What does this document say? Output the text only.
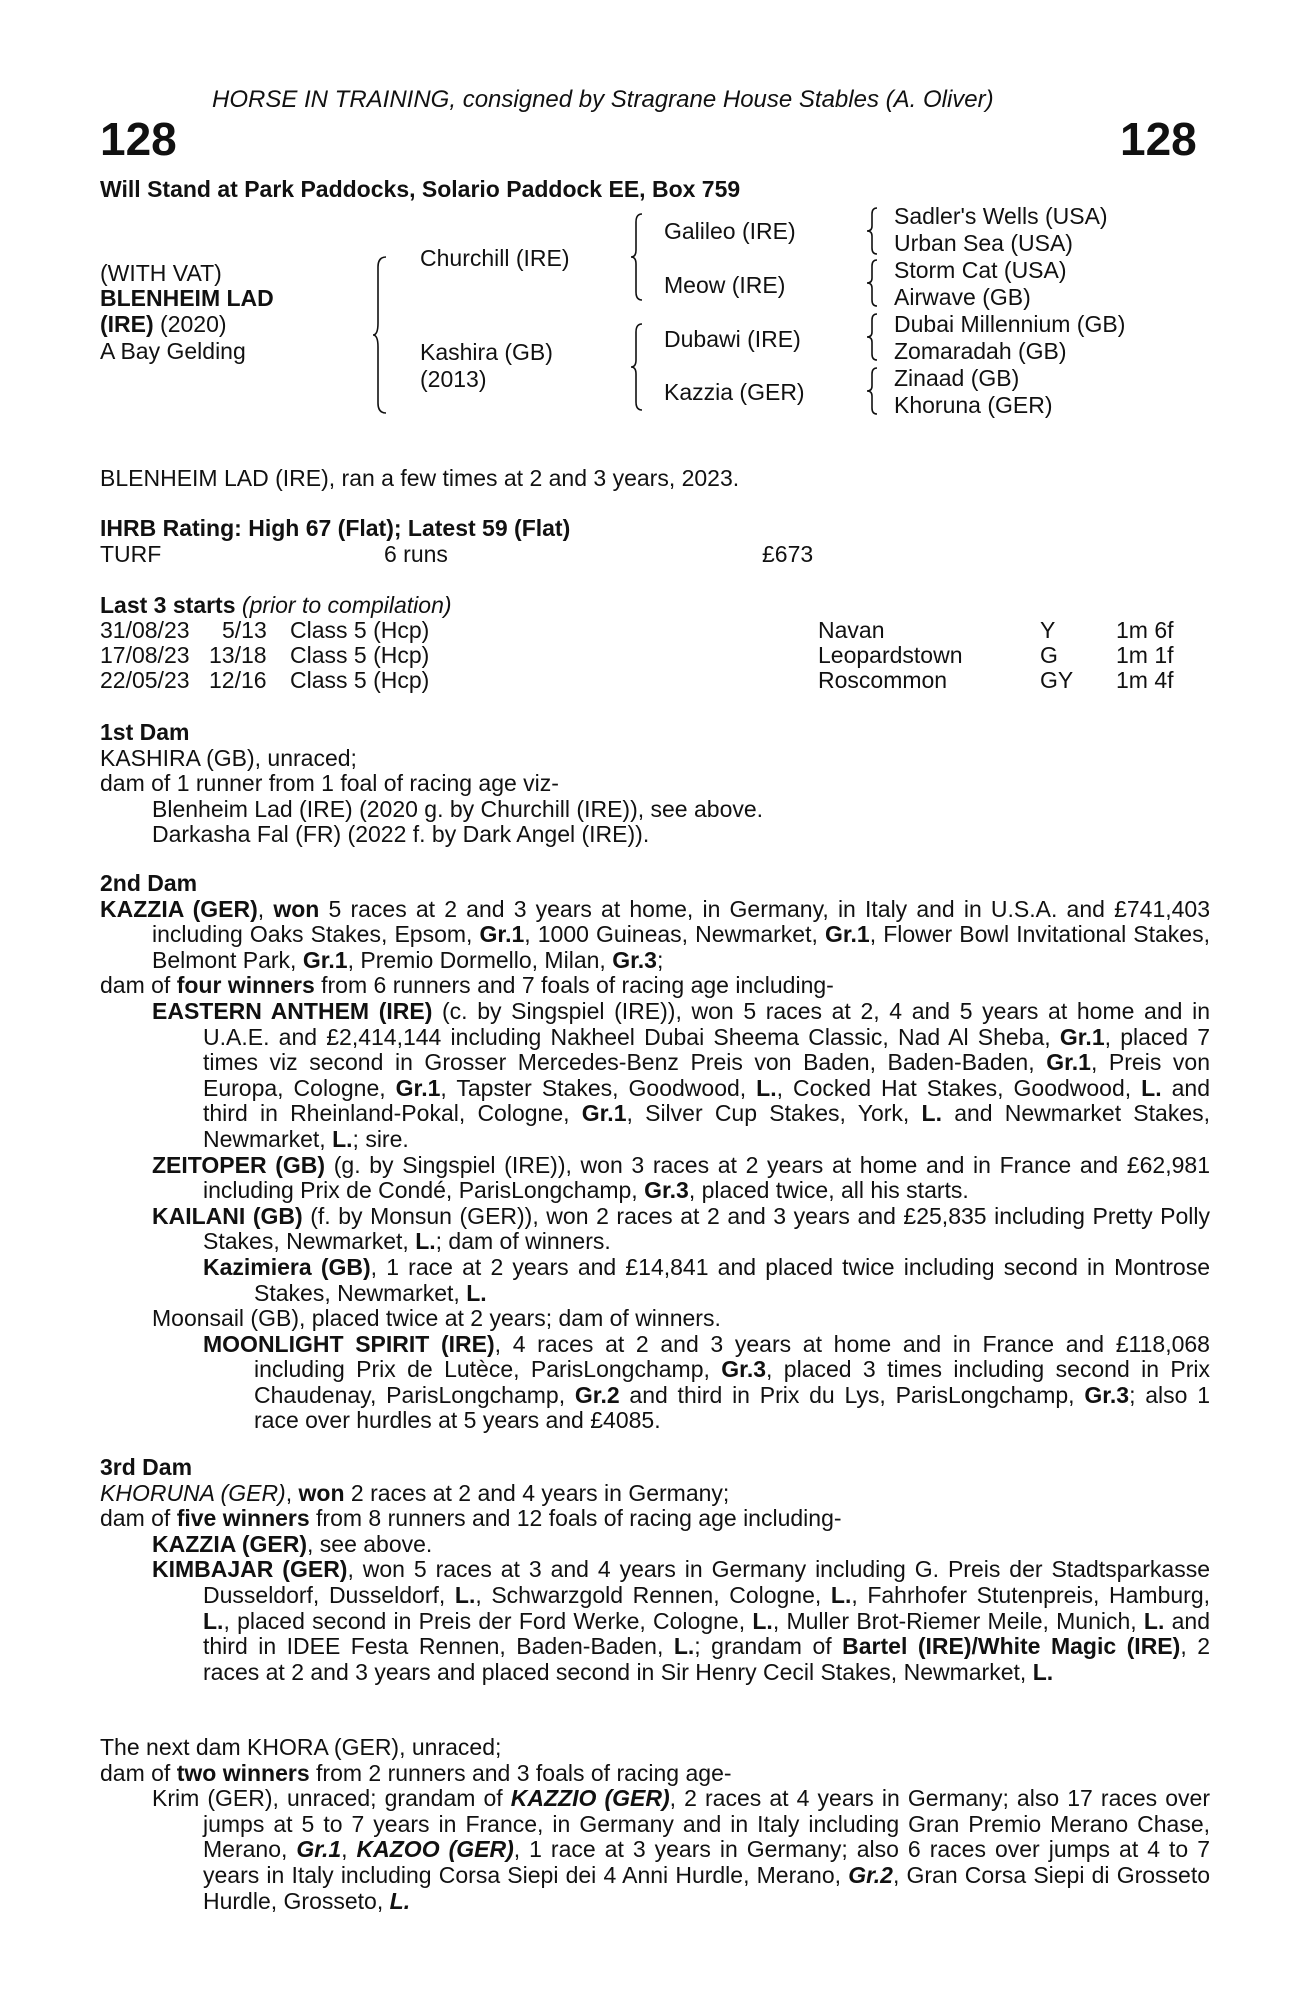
HORSE IN TRAINING, consigned by Stragrane House Stables (A. Oliver)
128	128
Will Stand at Park Paddocks, Solario Paddock EE, Box 759
(WITH VAT)
BLENHEIM LAD
(IRE) (2020)
A Bay Gelding
Churchill (IRE)
Kashira (GB)
(2013)
Galileo (IRE)
Meow (IRE)
Dubawi (IRE)
Kazzia (GER)
Sadler's Wells (USA)
Urban Sea (USA)
Storm Cat (USA)
Airwave (GB)
Dubai Millennium (GB)
Zomaradah (GB)
Zinaad (GB)
Khoruna (GER)
BLENHEIM LAD (IRE), ran a few times at 2 and 3 years, 2023.
IHRB Rating: High 67 (Flat); Latest 59 (Flat)
TURF	6 runs	£673
Last 3 starts (prior to compilation)
31/08/23 5/13 Class 5 (Hcp)	Navan	Y	1m 6f
17/08/23 13/18 Class 5 (Hcp)	Leopardstown	G	1m 1f
22/05/23 12/16 Class 5 (Hcp)	Roscommon	GY 1m 4f

1st Dam

KASHIRA (GB), unraced;

dam of 1 runner from 1 foal of racing age viz-

Blenheim Lad (IRE) (2020 g. by Churchill (IRE)), see above.

Darkasha Fal (FR) (2022 f. by Dark Angel (IRE)).

2nd Dam

KAZZIA (GER), won 5 races at 2 and 3 years at home, in Germany, in Italy and in U.S.A. and £741,403 including Oaks Stakes, Epsom, Gr.1, 1000 Guineas, Newmarket, Gr.1, Flower Bowl Invitational Stakes, Belmont Park, Gr.1, Premio Dormello, Milan, Gr.3;

dam of four winners from 6 runners and 7 foals of racing age including-

EASTERN ANTHEM (IRE) (c. by Singspiel (IRE)), won 5 races at 2, 4 and 5 years at home and in U.A.E. and £2,414,144 including Nakheel Dubai Sheema Classic, Nad Al Sheba, Gr.1, placed 7 times viz second in Grosser Mercedes-Benz Preis von Baden, Baden-Baden, Gr.1, Preis von Europa, Cologne, Gr.1, Tapster Stakes, Goodwood, L., Cocked Hat Stakes, Goodwood, L. and third in Rheinland-Pokal, Cologne, Gr.1, Silver Cup Stakes, York, L. and Newmarket Stakes, Newmarket, L.; sire.

ZEITOPER (GB) (g. by Singspiel (IRE)), won 3 races at 2 years at home and in France and £62,981 including Prix de Condé, ParisLongchamp, Gr.3, placed twice, all his starts.

KAILANI (GB) (f. by Monsun (GER)), won 2 races at 2 and 3 years and £25,835 including Pretty Polly Stakes, Newmarket, L.; dam of winners.

Kazimiera (GB), 1 race at 2 years and £14,841 and placed twice including second in Montrose Stakes, Newmarket, L.

Moonsail (GB), placed twice at 2 years; dam of winners.

MOONLIGHT SPIRIT (IRE), 4 races at 2 and 3 years at home and in France and £118,068 including Prix de Lutèce, ParisLongchamp, Gr.3, placed 3 times including second in Prix Chaudenay, ParisLongchamp, Gr.2 and third in Prix du Lys, ParisLongchamp, Gr.3; also 1 race over hurdles at 5 years and £4085.

3rd Dam

KHORUNA (GER), won 2 races at 2 and 4 years in Germany;

dam of five winners from 8 runners and 12 foals of racing age including-

KAZZIA (GER), see above.

KIMBAJAR (GER), won 5 races at 3 and 4 years in Germany including G. Preis der Stadtsparkasse Dusseldorf, Dusseldorf, L., Schwarzgold Rennen, Cologne, L., Fahrhofer Stutenpreis, Hamburg, L., placed second in Preis der Ford Werke, Cologne, L., Muller Brot-Riemer Meile, Munich, L. and third in IDEE Festa Rennen, Baden-Baden, L.; grandam of Bartel (IRE)/White Magic (IRE), 2 races at 2 and 3 years and placed second in Sir Henry Cecil Stakes, Newmarket, L.

The next dam KHORA (GER), unraced;

dam of two winners from 2 runners and 3 foals of racing age-

Krim (GER), unraced; grandam of KAZZIO (GER), 2 races at 4 years in Germany; also 17 races over jumps at 5 to 7 years in France, in Germany and in Italy including Gran Premio Merano Chase, Merano, Gr.1, KAZOO (GER), 1 race at 3 years in Germany; also 6 races over jumps at 4 to 7 years in Italy including Corsa Siepi dei 4 Anni Hurdle, Merano, Gr.2, Gran Corsa Siepi di Grosseto Hurdle, Grosseto, L.
